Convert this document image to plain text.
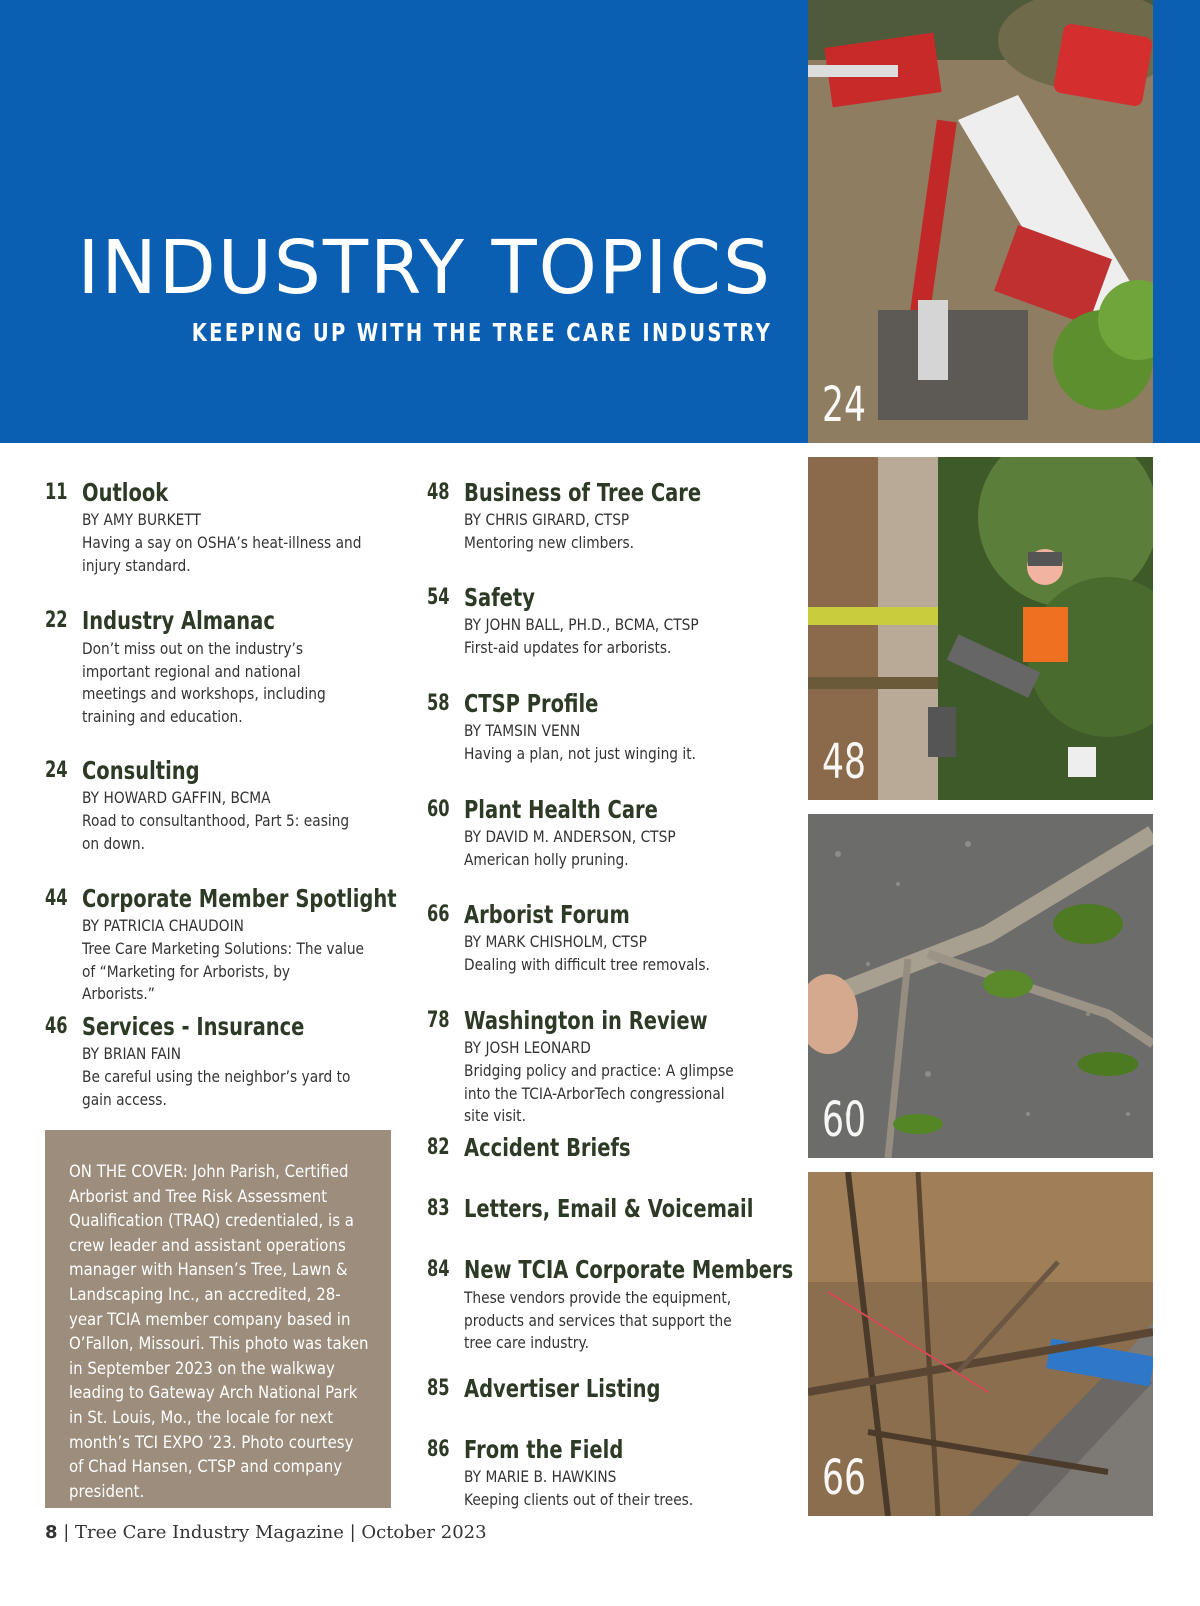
INDUSTRY TOPICS
KEEPING UP WITH THE TREE CARE INDUSTRY
24
48
60
66
11 Outlook
BY AMY BURKETT
Having a say on OSHA’s heat-illness and injury standard.
22 Industry Almanac
Don’t miss out on the industry’s important regional and national meetings and workshops, including training and education.
24 Consulting
BY HOWARD GAFFIN, BCMA
Road to consultanthood, Part 5: easing on down.
44 Corporate Member Spotlight
BY PATRICIA CHAUDOIN
Tree Care Marketing Solutions: The value of “Marketing for Arborists, by Arborists.”
46 Services - Insurance
BY BRIAN FAIN
Be careful using the neighbor’s yard to gain access.
ON THE COVER: John Parish, Certified Arborist and Tree Risk Assessment Qualification (TRAQ) credentialed, is a crew leader and assistant operations manager with Hansen’s Tree, Lawn & Landscaping Inc., an accredited, 28-year TCIA member company based in O’Fallon, Missouri. This photo was taken in September 2023 on the walkway leading to Gateway Arch National Park in St. Louis, Mo., the locale for next month’s TCI EXPO ’23. Photo courtesy of Chad Hansen, CTSP and company president.
48 Business of Tree Care
BY CHRIS GIRARD, CTSP
Mentoring new climbers.
54 Safety
BY JOHN BALL, PH.D., BCMA, CTSP
First-aid updates for arborists.
58 CTSP Profile
BY TAMSIN VENN
Having a plan, not just winging it.
60 Plant Health Care
BY DAVID M. ANDERSON, CTSP
American holly pruning.
66 Arborist Forum
BY MARK CHISHOLM, CTSP
Dealing with difficult tree removals.
78 Washington in Review
BY JOSH LEONARD
Bridging policy and practice: A glimpse into the TCIA-ArborTech congressional site visit.
82 Accident Briefs
83 Letters, Email & Voicemail
84 New TCIA Corporate Members
These vendors provide the equipment, products and services that support the tree care industry.
85 Advertiser Listing
86 From the Field
BY MARIE B. HAWKINS
Keeping clients out of their trees.
8 | Tree Care Industry Magazine | October 2023
